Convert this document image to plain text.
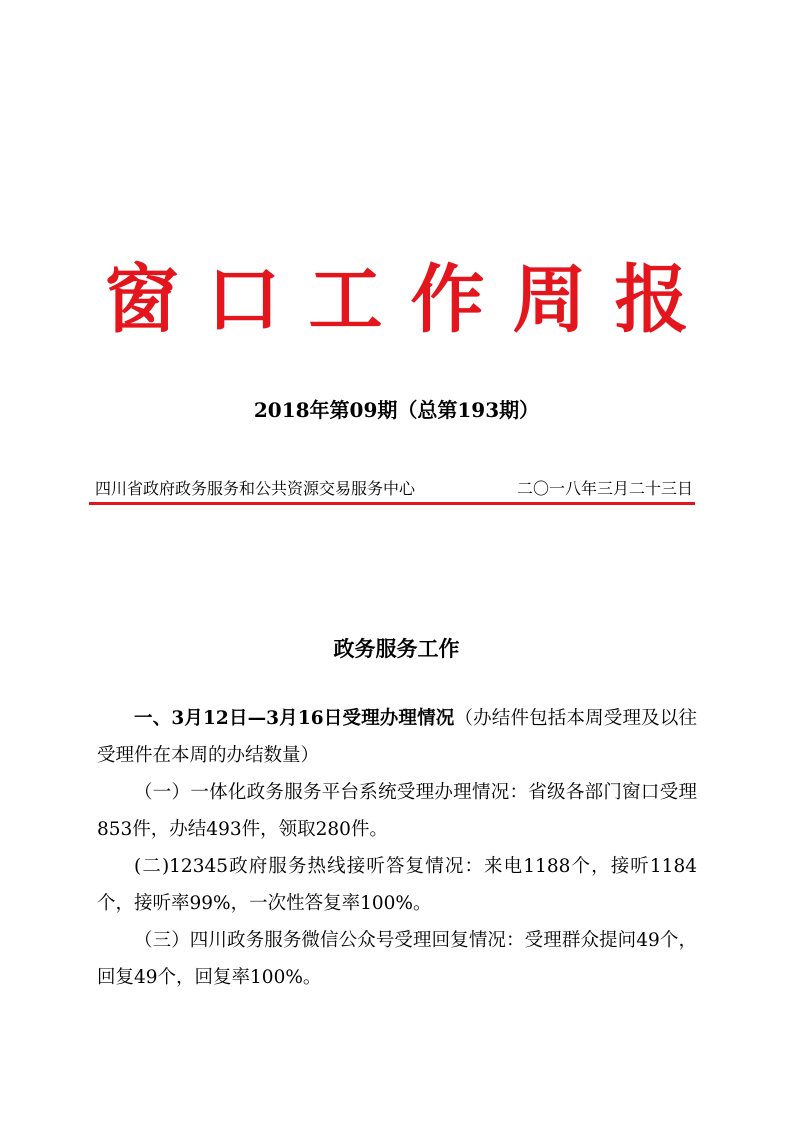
窗口工作周报
2018年第09期（总第193期）
四川省政府政务服务和公共资源交易服务中心	二〇一八年三月二十三日
政务服务工作

一、3月12日—3月16日受理办理情况（办结件包括本周受理及以往受理件在本周的办结数量）

（一）一体化政务服务平台系统受理办理情况：省级各部门窗口受理853件，办结493件，领取280件。

(二)12345政府服务热线接听答复情况：来电1188个，接听1184个，接听率99%，一次性答复率100%。

（三）四川政务服务微信公众号受理回复情况：受理群众提问49个，回复49个，回复率100%。
